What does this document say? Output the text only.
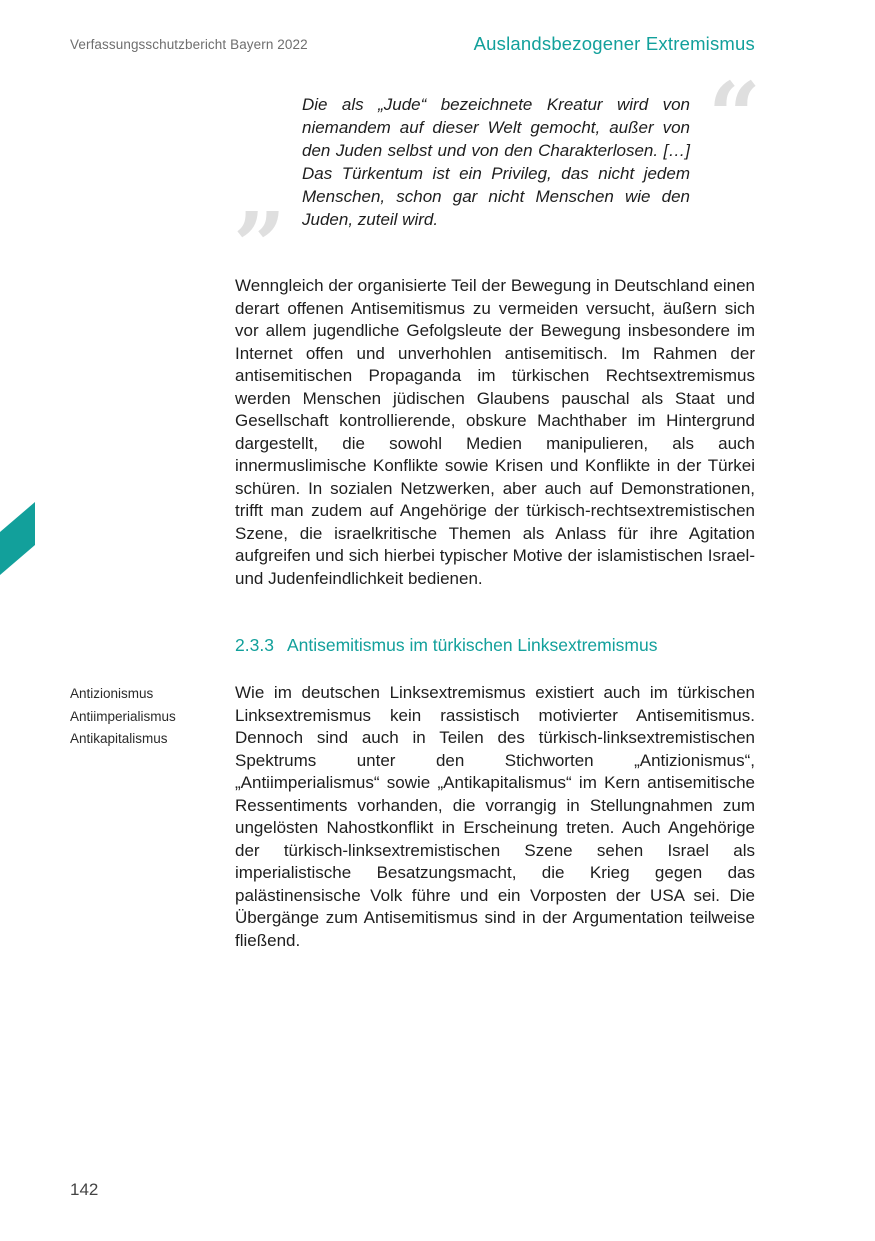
Verfassungsschutzbericht Bayern 2022	Auslandsbezogener Extremismus
“
Die als „Jude“ bezeichnete Kreatur wird von niemandem auf dieser Welt gemocht, außer von den Juden selbst und von den Charakterlosen. […] Das Türkentum ist ein Privileg, das nicht jedem Menschen, schon gar nicht Menschen wie den Juden, zuteil wird.
”
Wenngleich der organisierte Teil der Bewegung in Deutschland einen derart offenen Antisemitismus zu vermeiden versucht, äußern sich vor allem jugendliche Gefolgsleute der Bewegung insbesondere im Internet offen und unverhohlen antisemitisch. Im Rahmen der antisemitischen Propaganda im türkischen Rechtsextremismus werden Menschen jüdischen Glaubens pauschal als Staat und Gesellschaft kontrollierende, obskure Machthaber im Hintergrund dargestellt, die sowohl Medien manipulieren, als auch innermuslimische Konflikte sowie Krisen und Konflikte in der Türkei schüren. In sozialen Netzwerken, aber auch auf Demonstrationen, trifft man zudem auf Angehörige der türkisch-rechtsextremistischen Szene, die israelkritische Themen als Anlass für ihre Agitation aufgreifen und sich hierbei typischer Motive der islamistischen Israel- und Judenfeindlichkeit bedienen.
2.3.3 Antisemitismus im türkischen Linksextremismus
Antizionismus
Antiimperialismus
Antikapitalismus
Wie im deutschen Linksextremismus existiert auch im türkischen Linksextremismus kein rassistisch motivierter Antisemitismus. Dennoch sind auch in Teilen des türkisch-linksextremistischen Spektrums unter den Stichworten „Antizionismus“, „Antiimperialismus“ sowie „Antikapitalismus“ im Kern antisemitische Ressentiments vorhanden, die vorrangig in Stellungnahmen zum ungelösten Nahostkonflikt in Erscheinung treten. Auch Angehörige der türkisch-linksextremistischen Szene sehen Israel als imperialistische Besatzungsmacht, die Krieg gegen das palästinensische Volk führe und ein Vorposten der USA sei. Die Übergänge zum Antisemitismus sind in der Argumentation teilweise fließend.
142
